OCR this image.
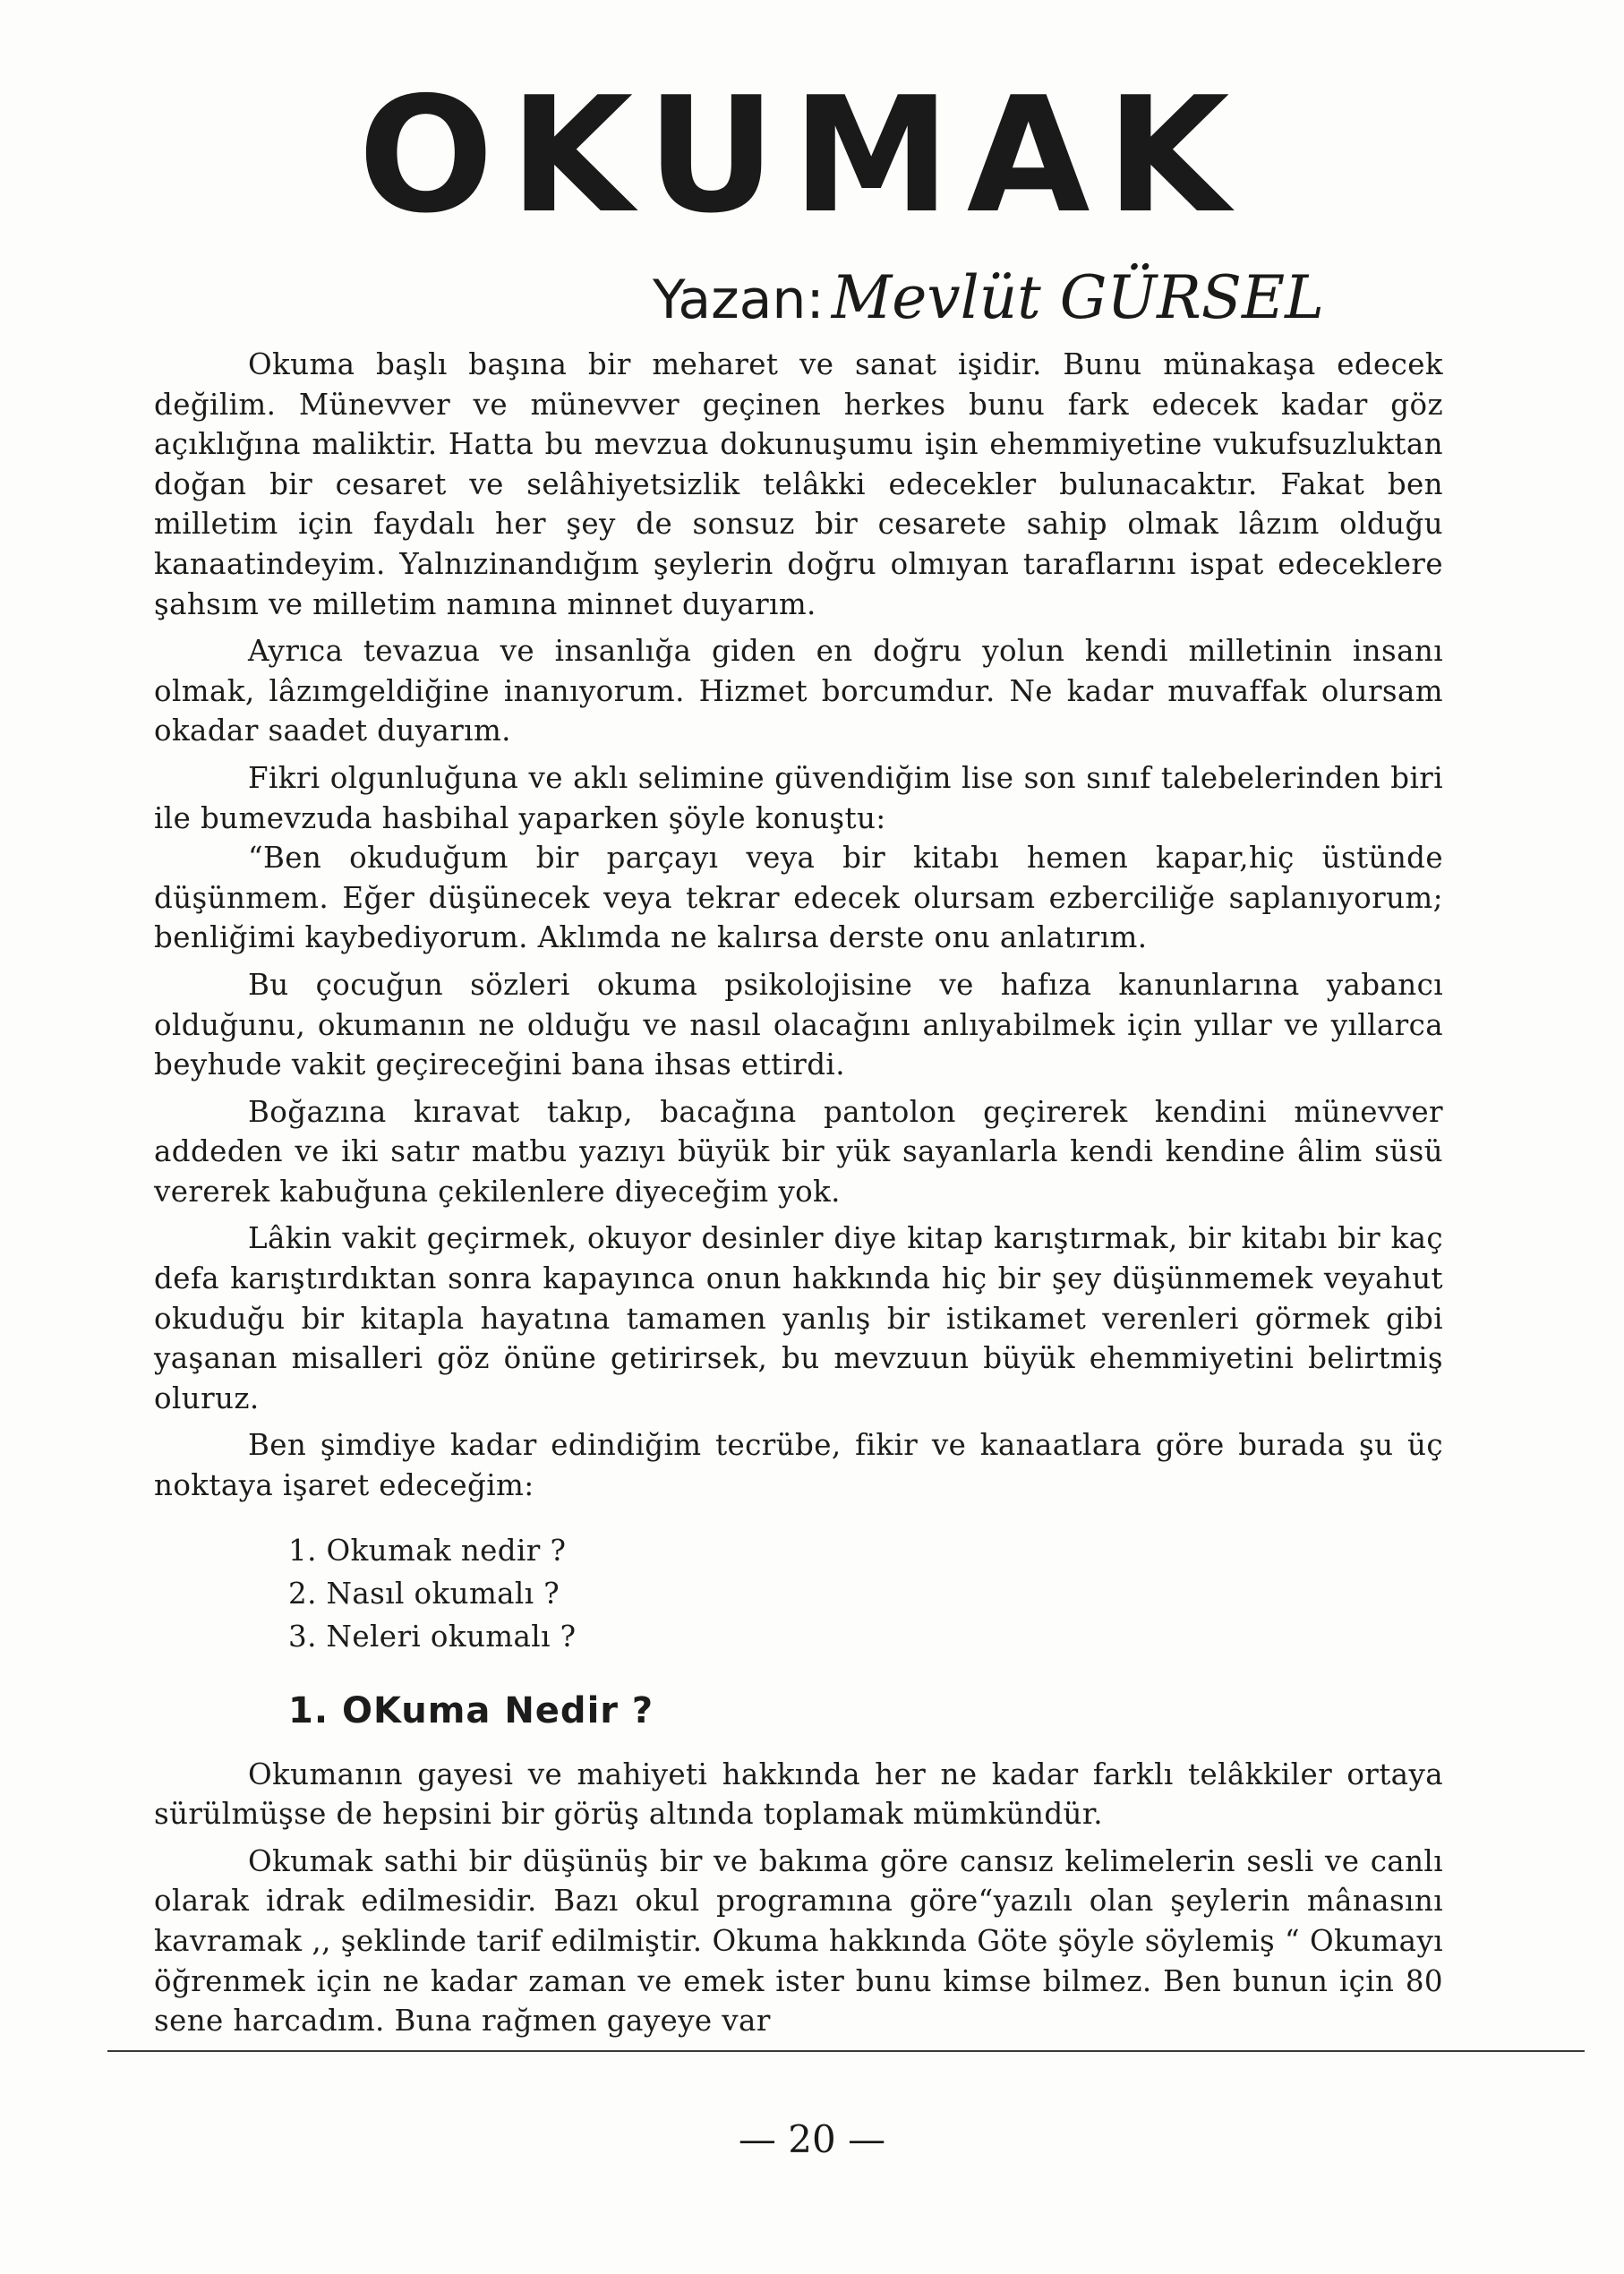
OKUMAK
Yazan: Mevlüt GÜRSEL

Okuma başlı başına bir meharet ve sanat işidir. Bunu münakaşa edecek değilim. Münevver ve münevver geçinen herkes bunu fark edecek kadar göz açıklığına maliktir. Hatta bu mevzua dokunuşumu işin ehemmiyetine vukufsuzluktan doğan bir cesaret ve selâhiyetsizlik telâkki edecekler bulunacaktır. Fakat ben milletim için faydalı her şey de sonsuz bir cesarete sahip olmak lâzım olduğu kanaatindeyim. Yalnızinandığım şeylerin doğru olmıyan taraflarını ispat edeceklere şahsım ve milletim namına minnet duyarım.

Ayrıca tevazua ve insanlığa giden en doğru yolun kendi milletinin insanı olmak, lâzımgeldiğine inanıyorum. Hizmet borcumdur. Ne kadar muvaffak olursam okadar saadet duyarım.

Fikri olgunluğuna ve aklı selimine güvendiğim lise son sınıf talebelerinden biri ile bumevzuda hasbihal yaparken şöyle konuştu:

“Ben okuduğum bir parçayı veya bir kitabı hemen kapar,hiç üstünde düşünmem. Eğer düşünecek veya tekrar edecek olursam ezberciliğe saplanıyorum; benliğimi kaybediyorum. Aklımda ne kalırsa derste onu anlatırım.

Bu çocuğun sözleri okuma psikolojisine ve hafıza kanunlarına yabancı olduğunu, okumanın ne olduğu ve nasıl olacağını anlıyabilmek için yıllar ve yıllarca beyhude vakit geçireceğini bana ihsas ettirdi.

Boğazına kıravat takıp, bacağına pantolon geçirerek kendini münevver addeden ve iki satır matbu yazıyı büyük bir yük sayanlarla kendi kendine âlim süsü vererek kabuğuna çekilenlere diyeceğim yok.

Lâkin vakit geçirmek, okuyor desinler diye kitap karıştırmak, bir kitabı bir kaç defa karıştırdıktan sonra kapayınca onun hakkında hiç bir şey düşünmemek veyahut okuduğu bir kitapla hayatına tamamen yanlış bir istikamet verenleri görmek gibi yaşanan misalleri göz önüne getirirsek, bu mevzuun büyük ehemmiyetini belirtmiş oluruz.

Ben şimdiye kadar edindiğim tecrübe, fikir ve kanaatlara göre burada şu üç noktaya işaret edeceğim:

1. Okumak nedir ?
2. Nasıl okumalı ?
3. Neleri okumalı ?
1. OKuma Nedir ?

Okumanın gayesi ve mahiyeti hakkında her ne kadar farklı telâkkiler ortaya sürülmüşse de hepsini bir görüş altında toplamak mümkündür.

Okumak sathi bir düşünüş bir ve bakıma göre cansız kelimelerin sesli ve canlı olarak idrak edilmesidir. Bazı okul programına göre“yazılı olan şeylerin mânasını kavramak ,, şeklinde tarif edilmiştir. Okuma hakkında Göte şöyle söylemiş “ Okumayı öğrenmek için ne kadar zaman ve emek ister bunu kimse bilmez. Ben bunun için 80 sene harcadım. Buna rağmen gayeye var

— 20 —
